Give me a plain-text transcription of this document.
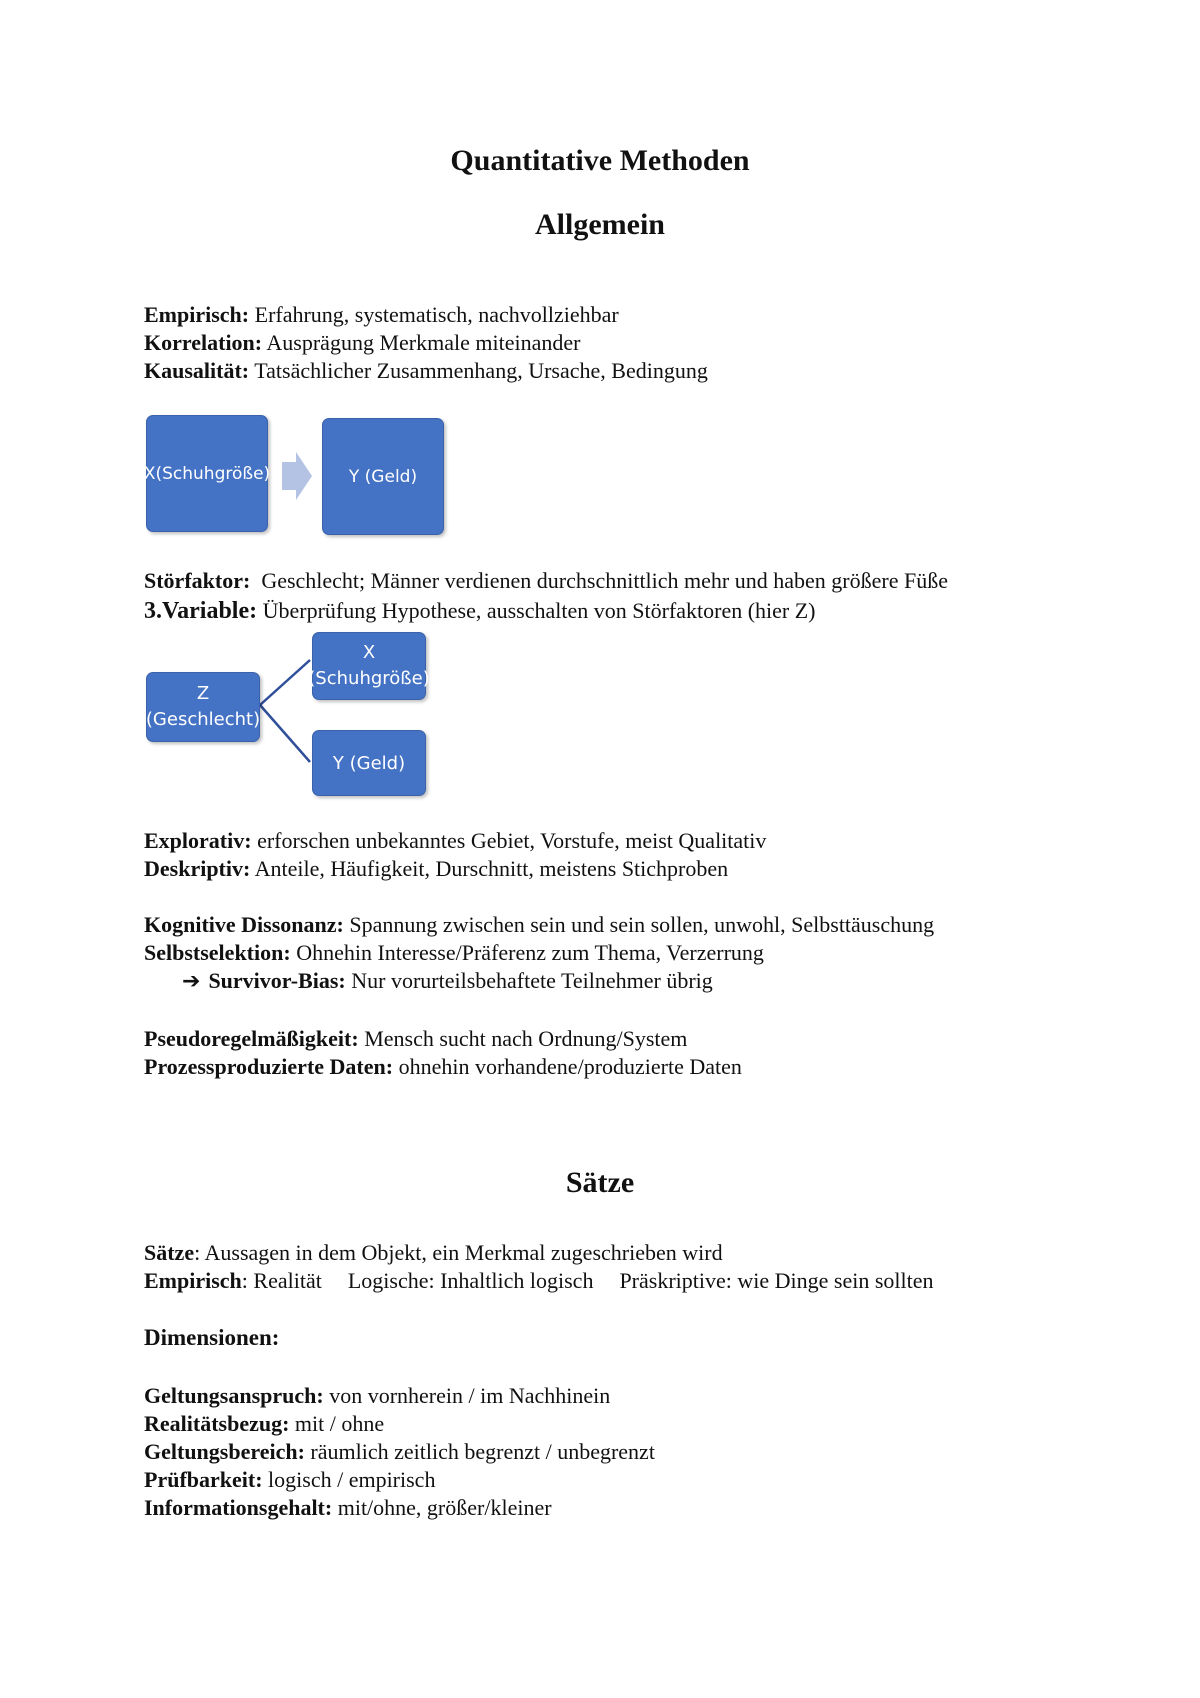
Quantitative Methoden
Allgemein
Empirisch: Erfahrung, systematisch, nachvollziehbar
Korrelation: Ausprägung Merkmale miteinander
Kausalität: Tatsächlicher Zusammenhang, Ursache, Bedingung
X(Schuhgröße)	Y (Geld)
Störfaktor:  Geschlecht; Männer verdienen durchschnittlich mehr und haben größere Füße
3.Variable: Überprüfung Hypothese, ausschalten von Störfaktoren (hier Z)
Z
(Geschlecht)
X
(Schuhgröße)
Y (Geld)
Explorativ: erforschen unbekanntes Gebiet, Vorstufe, meist Qualitativ
Deskriptiv: Anteile, Häufigkeit, Durschnitt, meistens Stichproben
Kognitive Dissonanz: Spannung zwischen sein und sein sollen, unwohl, Selbsttäuschung
Selbstselektion: Ohnehin Interesse/Präferenz zum Thema, Verzerrung
➔ Survivor-Bias: Nur vorurteilsbehaftete Teilnehmer übrig
Pseudoregelmäßigkeit: Mensch sucht nach Ordnung/System
Prozessproduzierte Daten: ohnehin vorhandene/produzierte Daten
Sätze
Sätze: Aussagen in dem Objekt, ein Merkmal zugeschrieben wird
Empirisch: Realität Logische: Inhaltlich logisch Präskriptive: wie Dinge sein sollten
Dimensionen:
Geltungsanspruch: von vornherein / im Nachhinein
Realitätsbezug: mit / ohne
Geltungsbereich: räumlich zeitlich begrenzt / unbegrenzt
Prüfbarkeit: logisch / empirisch
Informationsgehalt: mit/ohne, größer/kleiner
